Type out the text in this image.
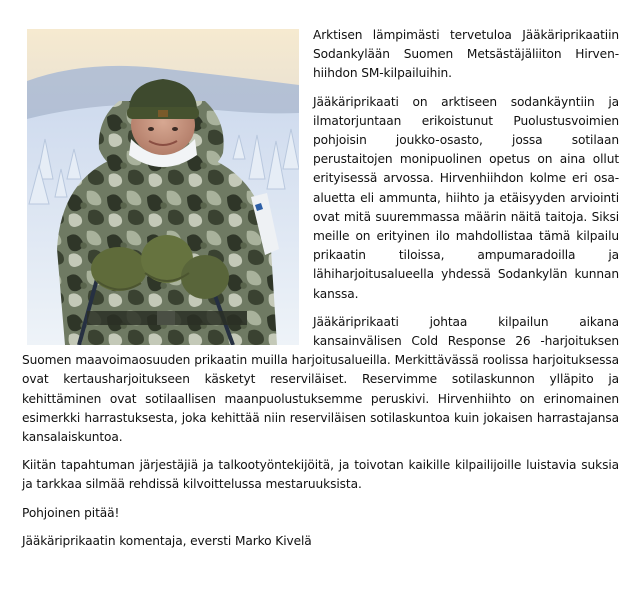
Arktisen lämpimästi tervetuloa Jääkäriprikaatiin Sodankylään Suomen Metsästäjäliiton Hirven-hiihdon SM-kilpailuihin.

Jääkäriprikaati on arktiseen sodankäyntiin ja ilmatorjuntaan erikoistunut Puolustusvoimien pohjoisin joukko-osasto, jossa sotilaan perustaitojen monipuolinen opetus on aina ollut erityisessä arvossa. Hirvenhiihdon kolme eri osa-aluetta eli ammunta, hiihto ja etäisyyden arviointi ovat mitä suuremmassa määrin näitä taitoja. Siksi meille on erityinen ilo mahdollistaa tämä kilpailu prikaatin tiloissa, ampumaradoilla ja lähiharjoitusalueella yhdessä Sodankylän kunnan kanssa.

Jääkäriprikaati johtaa kilpailun aikana kansainvälisen Cold Response 26 -harjoituksen Suomen maavoimaosuuden prikaatin muilla harjoitusalueilla. Merkittävässä roolissa harjoituksessa ovat kertausharjoitukseen käsketyt reserviläiset. Reservimme sotilaskunnon ylläpito ja kehittäminen ovat sotilaallisen maanpuolustuksemme peruskivi. Hirvenhiihto on erinomainen esimerkki harrastuksesta, joka kehittää niin reserviläisen sotilaskuntoa kuin jokaisen harrastajansa kansalaiskuntoa.

Kiitän tapahtuman järjestäjiä ja talkootyöntekijöitä, ja toivotan kaikille kilpailijoille luistavia suksia ja tarkkaa silmää rehdissä kilvoittelussa mestaruuksista.

Pohjoinen pitää!

Jääkäriprikaatin komentaja, eversti Marko Kivelä
